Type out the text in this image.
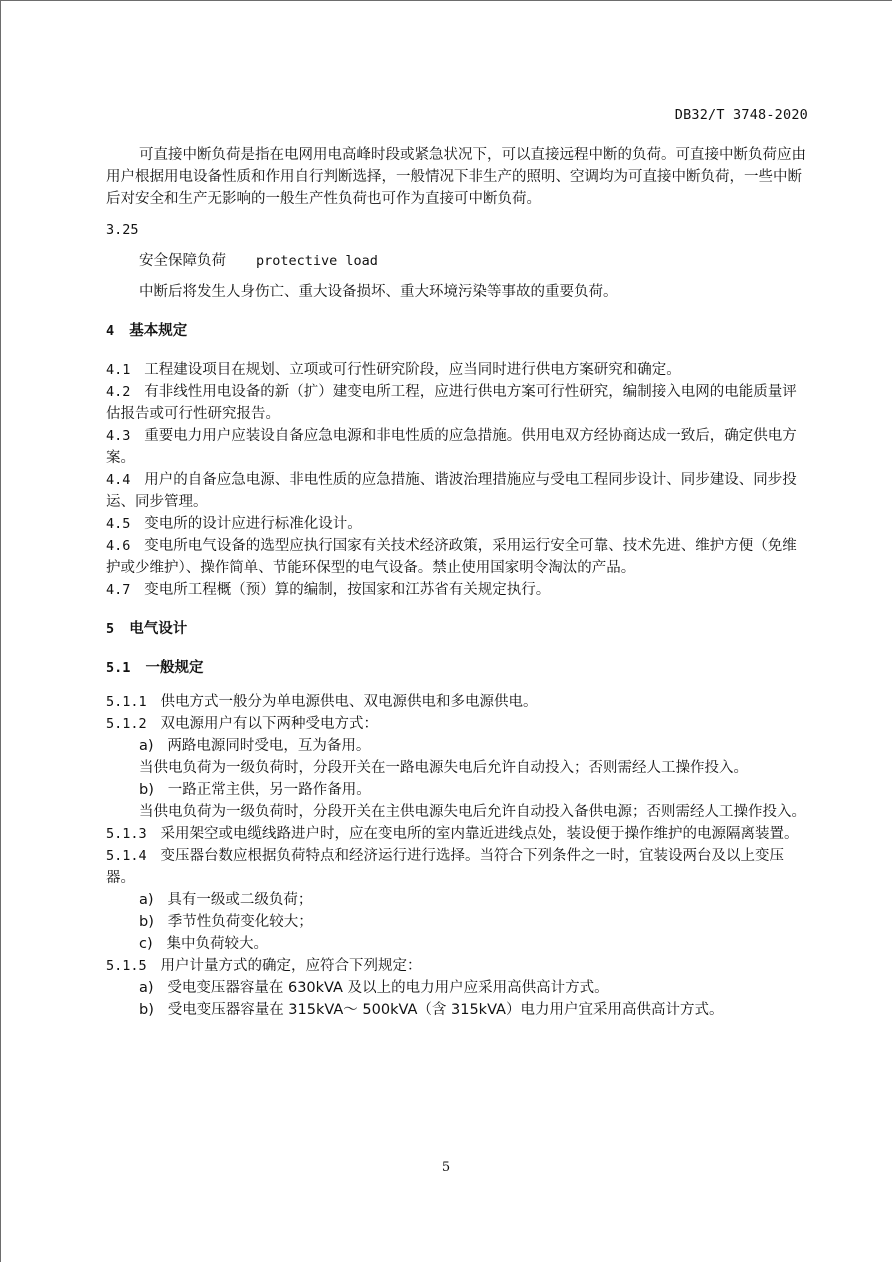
DB32/T 3748-2020

可直接中断负荷是指在电网用电高峰时段或紧急状况下，可以直接远程中断的负荷。可直接中断负荷应由用户根据用电设备性质和作用自行判断选择，一般情况下非生产的照明、空调均为可直接中断负荷，一些中断后对安全和生产无影响的一般生产性负荷也可作为直接可中断负荷。

3.25

安全保障负荷 protective load

中断后将发生人身伤亡、重大设备损坏、重大环境污染等事故的重要负荷。

4 基本规定

4.1 工程建设项目在规划、立项或可行性研究阶段，应当同时进行供电方案研究和确定。

4.2 有非线性用电设备的新（扩）建变电所工程，应进行供电方案可行性研究，编制接入电网的电能质量评估报告或可行性研究报告。

4.3 重要电力用户应装设自备应急电源和非电性质的应急措施。供用电双方经协商达成一致后，确定供电方案。

4.4 用户的自备应急电源、非电性质的应急措施、谐波治理措施应与受电工程同步设计、同步建设、同步投运、同步管理。

4.5 变电所的设计应进行标准化设计。

4.6 变电所电气设备的选型应执行国家有关技术经济政策，采用运行安全可靠、技术先进、维护方便（免维护或少维护）、操作简单、节能环保型的电气设备。禁止使用国家明令淘汰的产品。

4.7 变电所工程概（预）算的编制，按国家和江苏省有关规定执行。

5 电气设计

5.1 一般规定

5.1.1 供电方式一般分为单电源供电、双电源供电和多电源供电。

5.1.2 双电源用户有以下两种受电方式：

a) 两路电源同时受电，互为备用。

当供电负荷为一级负荷时，分段开关在一路电源失电后允许自动投入；否则需经人工操作投入。

b) 一路正常主供，另一路作备用。

当供电负荷为一级负荷时，分段开关在主供电源失电后允许自动投入备供电源；否则需经人工操作投入。

5.1.3 采用架空或电缆线路进户时，应在变电所的室内靠近进线点处，装设便于操作维护的电源隔离装置。

5.1.4 变压器台数应根据负荷特点和经济运行进行选择。当符合下列条件之一时，宜装设两台及以上变压器。

a) 具有一级或二级负荷；

b) 季节性负荷变化较大；

c) 集中负荷较大。

5.1.5 用户计量方式的确定，应符合下列规定：

a) 受电变压器容量在 630kVA 及以上的电力用户应采用高供高计方式。

b) 受电变压器容量在 315kVA～ 500kVA（含 315kVA）电力用户宜采用高供高计方式。

5
